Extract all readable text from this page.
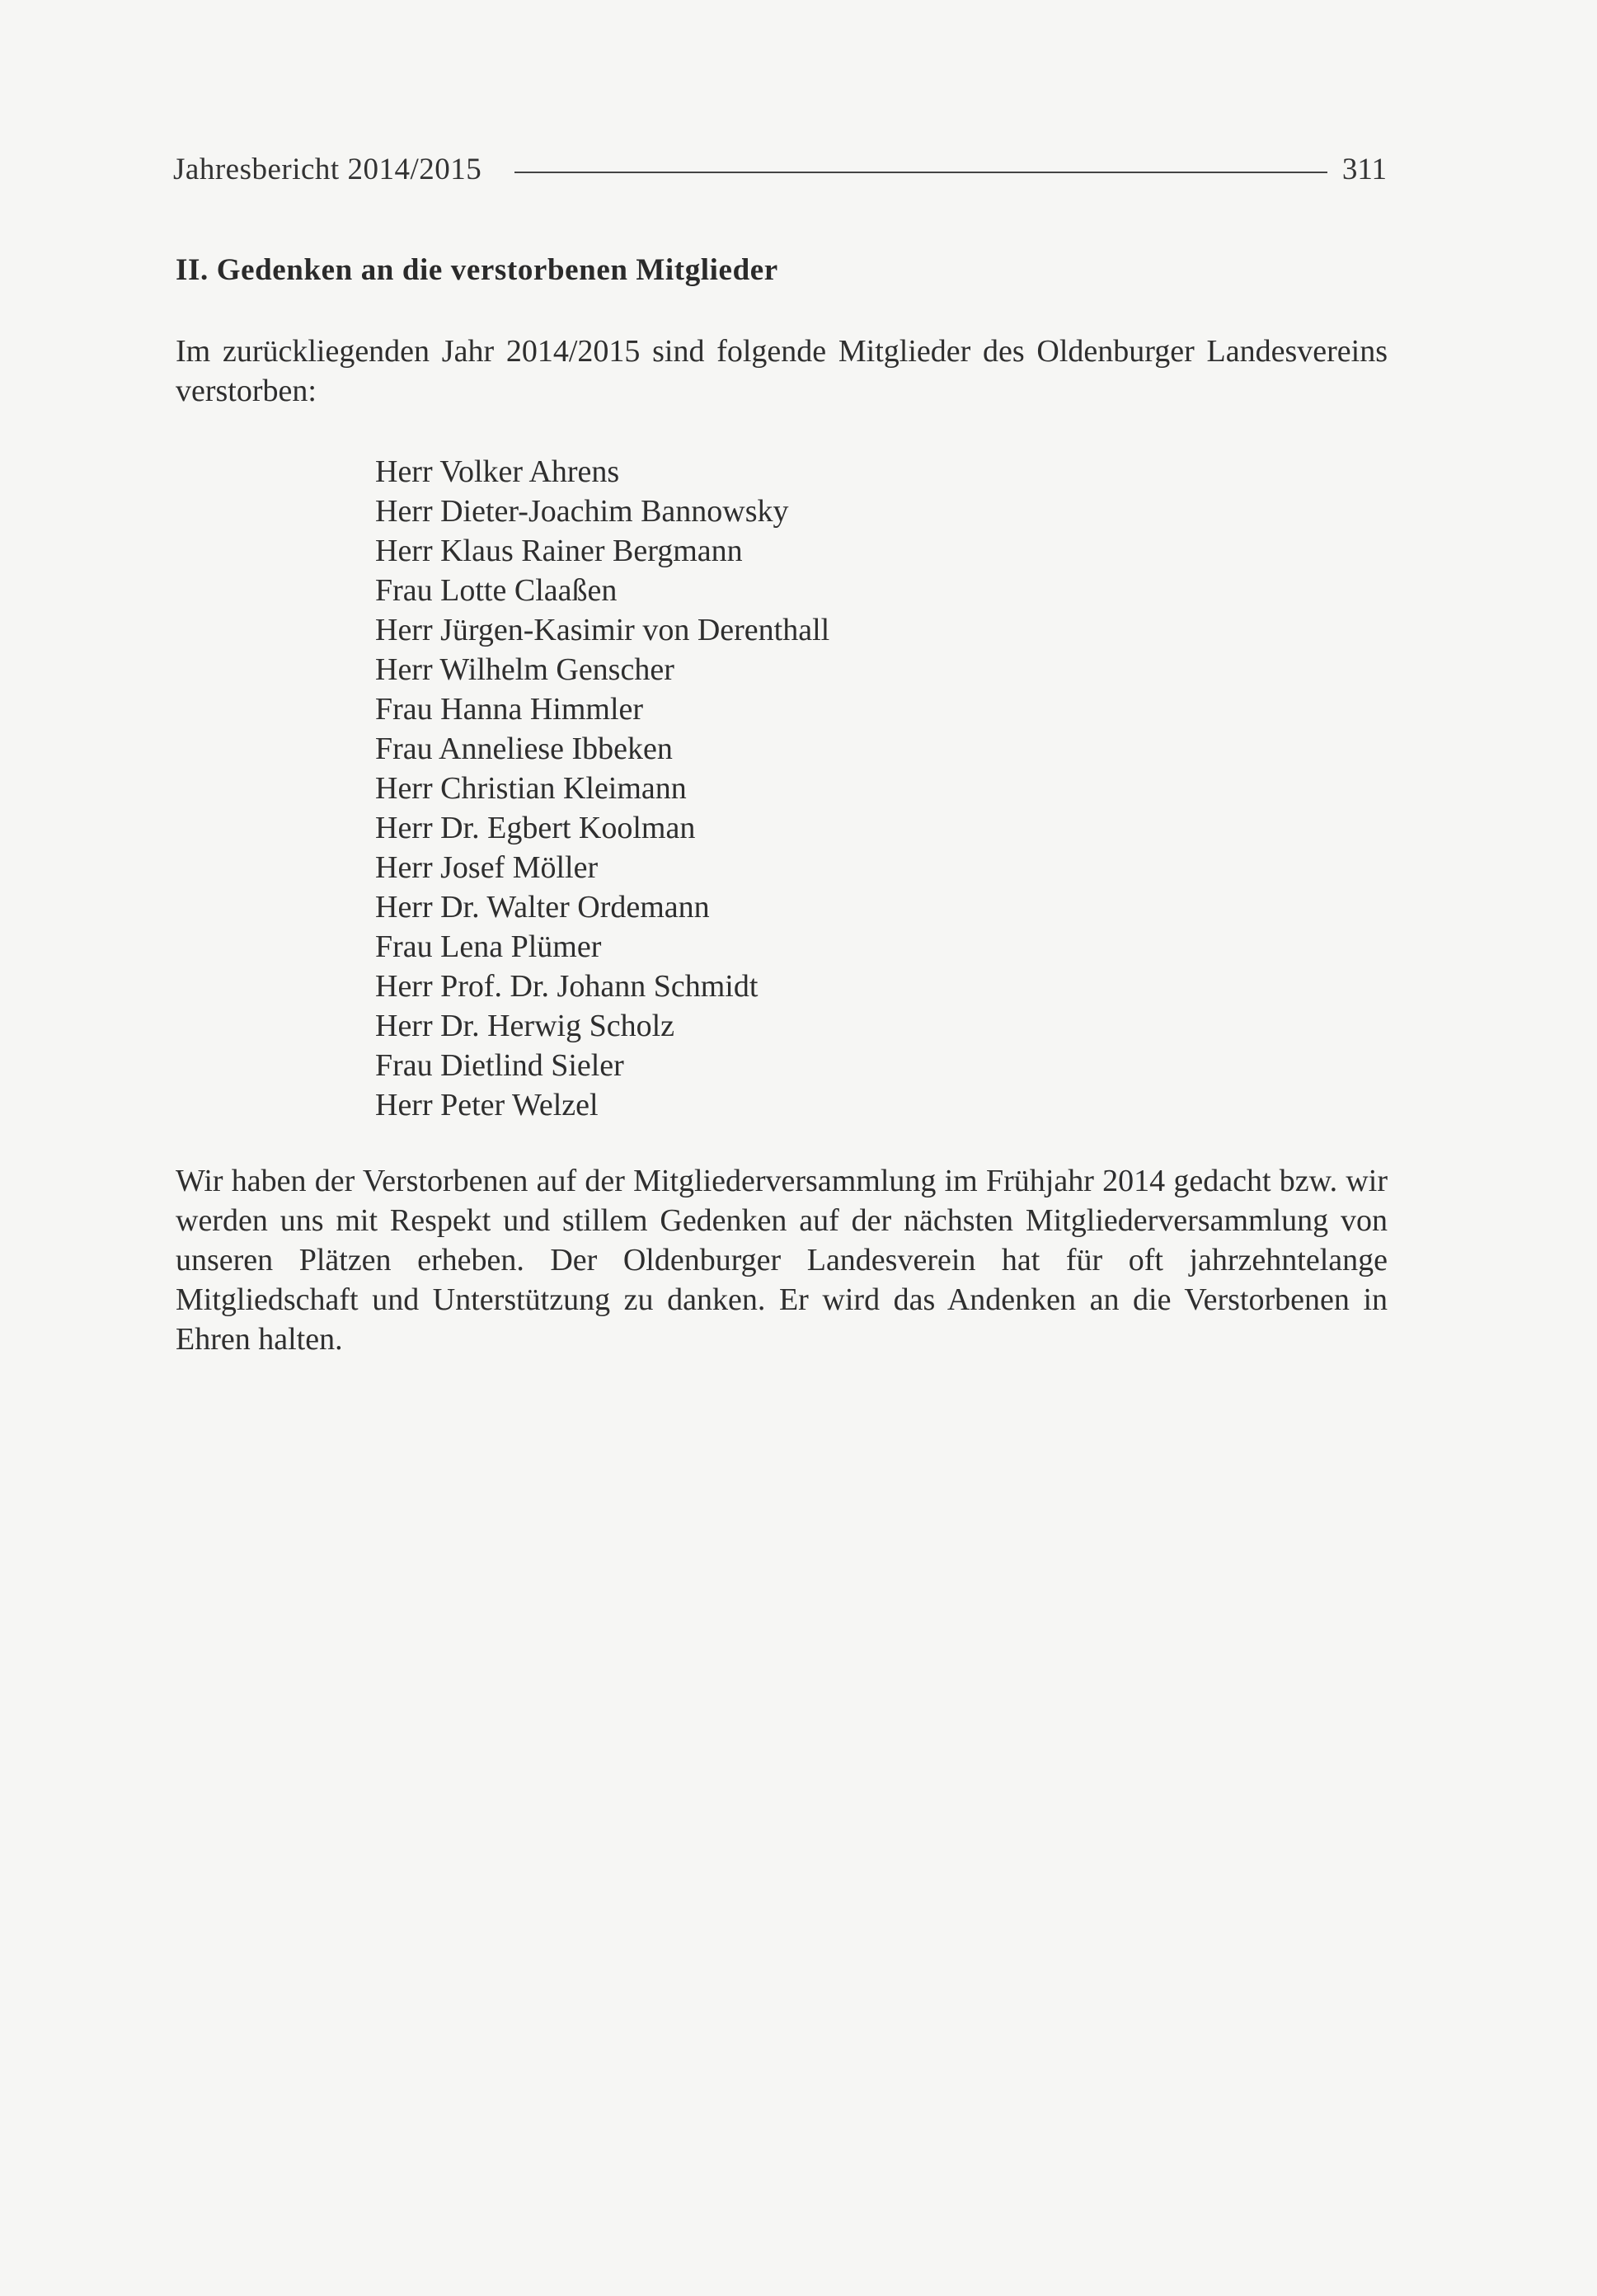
Jahresbericht 2014/2015	311
II. Gedenken an die verstorbenen Mitglieder

Im zurückliegenden Jahr 2014/2015 sind folgende Mitglieder des Oldenburger Landesvereins verstorben:

Herr Volker Ahrens
Herr Dieter-Joachim Bannowsky
Herr Klaus Rainer Bergmann
Frau Lotte Claaßen
Herr Jürgen-Kasimir von Derenthall
Herr Wilhelm Genscher
Frau Hanna Himmler
Frau Anneliese Ibbeken
Herr Christian Kleimann
Herr Dr. Egbert Koolman
Herr Josef Möller
Herr Dr. Walter Ordemann
Frau Lena Plümer
Herr Prof. Dr. Johann Schmidt
Herr Dr. Herwig Scholz
Frau Dietlind Sieler
Herr Peter Welzel

Wir haben der Verstorbenen auf der Mitgliederversammlung im Frühjahr 2014 gedacht bzw. wir werden uns mit Respekt und stillem Gedenken auf der nächsten Mitgliederversammlung von unseren Plätzen erheben. Der Oldenburger Landesverein hat für oft jahrzehntelange Mitgliedschaft und Unterstützung zu danken. Er wird das Andenken an die Verstorbenen in Ehren halten.
